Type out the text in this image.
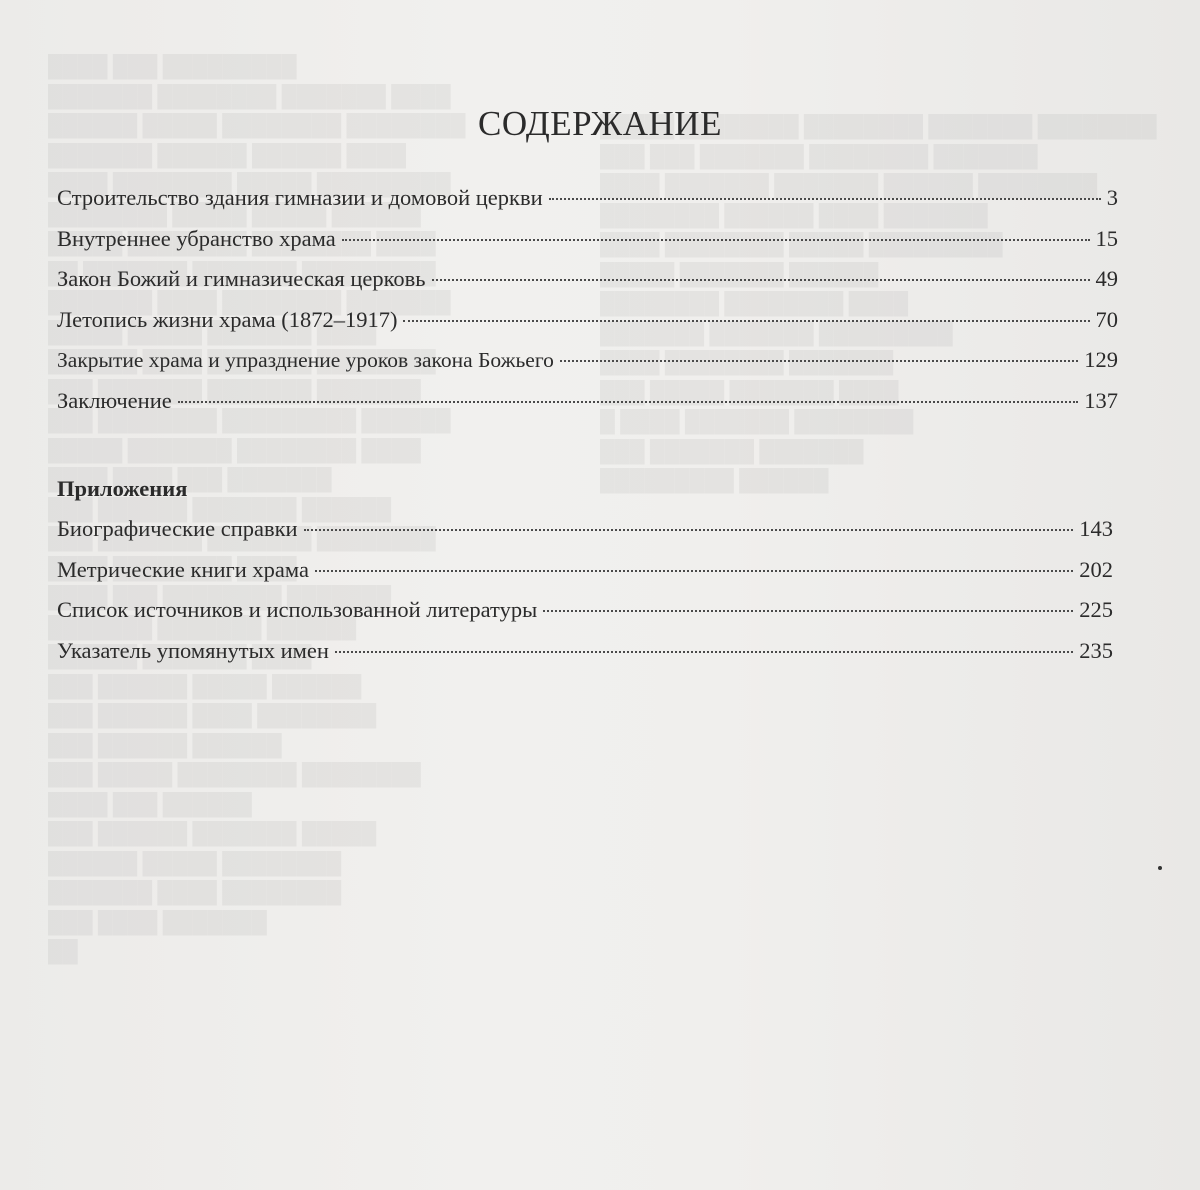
СОДЕРЖАНИЕ
Строительство здания гимназии и домовой церкви	3
Внутреннее убранство храма	15
Закон Божий и гимназическая церковь	49
Летопись жизни храма (1872–1917)	70
Закрытие храма и упразднение уроков закона Божьего	129
Заключение	137
Приложения
Биографические справки	143
Метрические книги храма	202
Список источников и использованной литературы	225
Указатель упомянутых имен	235
